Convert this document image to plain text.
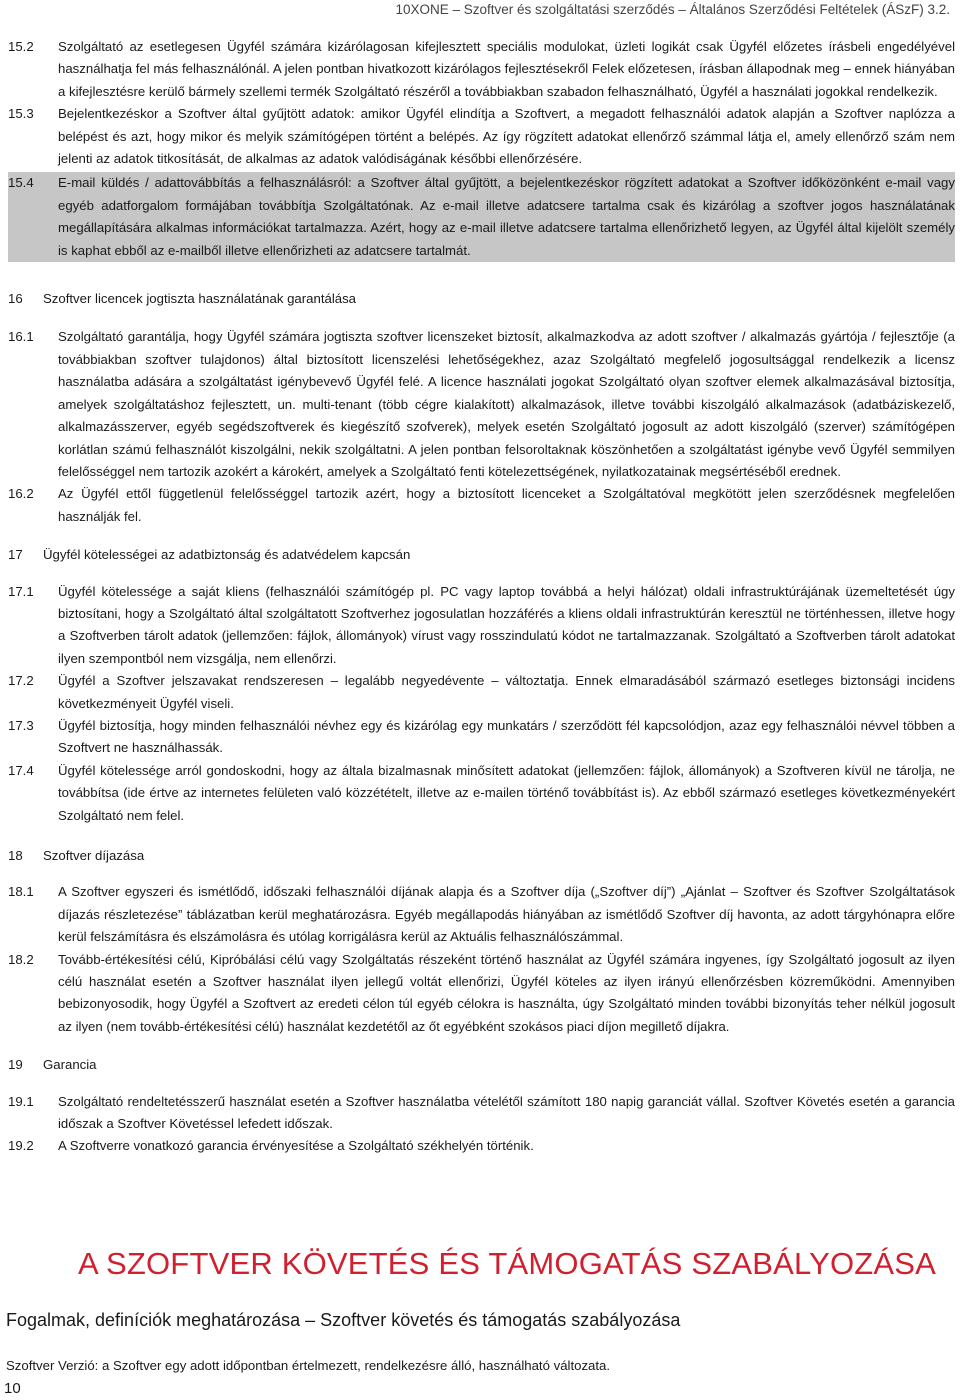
10XONE – Szoftver és szolgáltatási szerződés – Általános Szerződési Feltételek (ÁSzF) 3.2.
15.2	Szolgáltató az esetlegesen Ügyfél számára kizárólagosan kifejlesztett speciális modulokat, üzleti logikát csak Ügyfél előzetes írásbeli engedélyével használhatja fel más felhasználónál. A jelen pontban hivatkozott kizárólagos fejlesztésekről Felek előzetesen, írásban állapodnak meg – ennek hiányában a kifejlesztésre kerülő bármely szellemi termék Szolgáltató részéről a továbbiakban szabadon felhasználható, Ügyfél a használati jogokkal rendelkezik.
15.3	Bejelentkezéskor a Szoftver által gyűjtött adatok: amikor Ügyfél elindítja a Szoftvert, a megadott felhasználói adatok alapján a Szoftver naplózza a belépést és azt, hogy mikor és melyik számítógépen történt a belépés. Az így rögzített adatokat ellenőrző számmal látja el, amely ellenőrző szám nem jelenti az adatok titkosítását, de alkalmas az adatok valódiságának későbbi ellenőrzésére.
15.4	E-mail küldés / adattovábbítás a felhasználásról: a Szoftver által gyűjtött, a bejelentkezéskor rögzített adatokat a Szoftver időközönként e-mail vagy egyéb adatforgalom formájában továbbítja Szolgáltatónak. Az e-mail illetve adatcsere tartalma csak és kizárólag a szoftver jogos használatának megállapítására alkalmas információkat tartalmazza. Azért, hogy az e-mail illetve adatcsere tartalma ellenőrizhető legyen, az Ügyfél által kijelölt személy is kaphat ebből az e-mailből illetve ellenőrizheti az adatcsere tartalmát.
16	Szoftver licencek jogtiszta használatának garantálása
16.1	Szolgáltató garantálja, hogy Ügyfél számára jogtiszta szoftver licenszeket biztosít, alkalmazkodva az adott szoftver / alkalmazás gyártója / fejlesztője (a továbbiakban szoftver tulajdonos) által biztosított licenszelési lehetőségekhez, azaz Szolgáltató megfelelő jogosultsággal rendelkezik a licensz használatba adására a szolgáltatást igénybevevő Ügyfél felé. A licence használati jogokat Szolgáltató olyan szoftver elemek alkalmazásával biztosítja, amelyek szolgáltatáshoz fejlesztett, un. multi-tenant (több cégre kialakított) alkalmazások, illetve további kiszolgáló alkalmazások (adatbáziskezelő, alkalmazásszerver, egyéb segédszoftverek és kiegészítő szofverek), melyek esetén Szolgáltató jogosult az adott kiszolgáló (szerver) számítógépen korlátlan számú felhasználót kiszolgálni, nekik szolgáltatni. A jelen pontban felsoroltaknak köszönhetően a szolgáltatást igénybe vevő Ügyfél semmilyen felelősséggel nem tartozik azokért a károkért, amelyek a Szolgáltató fenti kötelezettségének, nyilatkozatainak megsértéséből erednek.
16.2	Az Ügyfél ettől függetlenül felelősséggel tartozik azért, hogy a biztosított licenceket a Szolgáltatóval megkötött jelen szerződésnek megfelelően használják fel.
17	Ügyfél kötelességei az adatbiztonság és adatvédelem kapcsán
17.1	Ügyfél kötelessége a saját kliens (felhasználói számítógép pl. PC vagy laptop továbbá a helyi hálózat) oldali infrastruktúrájának üzemeltetését úgy biztosítani, hogy a Szolgáltató által szolgáltatott Szoftverhez jogosulatlan hozzáférés a kliens oldali infrastruktúrán keresztül ne történhessen, illetve hogy a Szoftverben tárolt adatok (jellemzően: fájlok, állományok) vírust vagy rosszindulatú kódot ne tartalmazzanak. Szolgáltató a Szoftverben tárolt adatokat ilyen szempontból nem vizsgálja, nem ellenőrzi.
17.2	Ügyfél a Szoftver jelszavakat rendszeresen – legalább negyedévente – változtatja. Ennek elmaradásából származó esetleges biztonsági incidens következményeit Ügyfél viseli.
17.3	Ügyfél biztosítja, hogy minden felhasználói névhez egy és kizárólag egy munkatárs / szerződött fél kapcsolódjon, azaz egy felhasználói névvel többen a Szoftvert ne használhassák.
17.4	Ügyfél kötelessége arról gondoskodni, hogy az általa bizalmasnak minősített adatokat (jellemzően: fájlok, állományok) a Szoftveren kívül ne tárolja, ne továbbítsa (ide értve az internetes felületen való közzétételt, illetve az e-mailen történő továbbítást is). Az ebből származó esetleges következményekért Szolgáltató nem felel.
18	Szoftver díjazása
18.1	A Szoftver egyszeri és ismétlődő, időszaki felhasználói díjának alapja és a Szoftver díja („Szoftver díj”) „Ajánlat – Szoftver és Szoftver Szolgáltatások díjazás részletezése” táblázatban kerül meghatározásra. Egyéb megállapodás hiányában az ismétlődő Szoftver díj havonta, az adott tárgyhónapra előre kerül felszámításra és elszámolásra és utólag korrigálásra kerül az Aktuális felhasználószámmal.
18.2	Tovább-értékesítési célú, Kipróbálási célú vagy Szolgáltatás részeként történő használat az Ügyfél számára ingyenes, így Szolgáltató jogosult az ilyen célú használat esetén a Szoftver használat ilyen jellegű voltát ellenőrizi, Ügyfél köteles az ilyen irányú ellenőrzésben közreműködni. Amennyiben bebizonyosodik, hogy Ügyfél a Szoftvert az eredeti célon túl egyéb célokra is használta, úgy Szolgáltató minden további bizonyítás teher nélkül jogosult az ilyen (nem tovább-értékesítési célú) használat kezdetétől az őt egyébként szokásos piaci díjon megillető díjakra.
19	Garancia
19.1	Szolgáltató rendeltetésszerű használat esetén a Szoftver használatba vételétől számított 180 napig garanciát vállal. Szoftver Követés esetén a garancia időszak a Szoftver Követéssel lefedett időszak.
19.2	A Szoftverre vonatkozó garancia érvényesítése a Szolgáltató székhelyén történik.
A SZOFTVER KÖVETÉS ÉS TÁMOGATÁS SZABÁLYOZÁSA
Fogalmak, definíciók meghatározása – Szoftver követés és támogatás szabályozása
Szoftver Verzió: a Szoftver egy adott időpontban értelmezett, rendelkezésre álló, használható változata.
10
